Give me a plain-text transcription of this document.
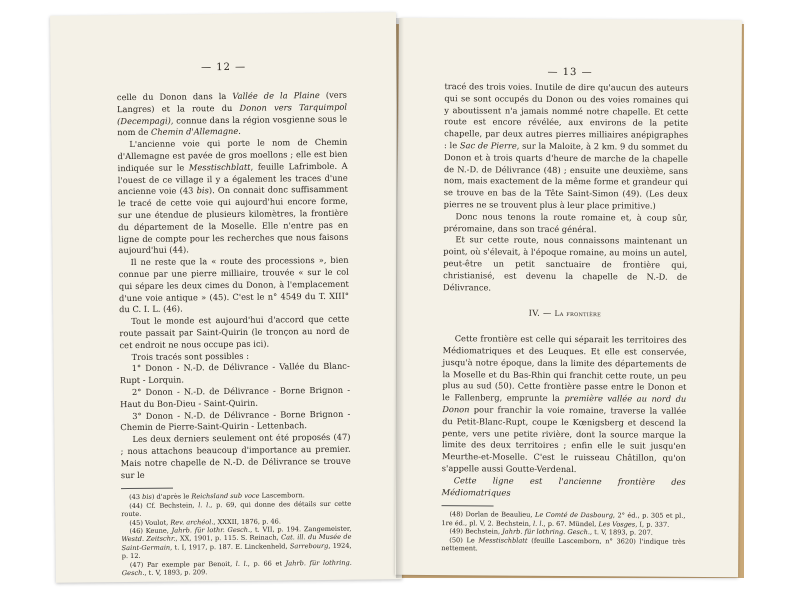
— 12 —

celle du Donon dans la Vallée de la Plaine (vers Langres) et la route du Donon vers Tarquimpol (Decempagi), connue dans la région vosgienne sous le nom de Chemin d'Allemagne.

L'ancienne voie qui porte le nom de Chemin d'Allemagne est pavée de gros moellons ; elle est bien indiquée sur le Messtischblatt, feuille Lafrimbole. A l'ouest de ce village il y a également les traces d'une ancienne voie (43 bis). On connait donc suffisamment le tracé de cette voie qui aujourd'hui encore forme, sur une étendue de plusieurs kilomètres, la frontière du département de la Moselle. Elle n'entre pas en ligne de compte pour les recherches que nous faisons aujourd'hui (44).

Il ne reste que la « route des processions », bien connue par une pierre milliaire, trouvée « sur le col qui sépare les deux cimes du Donon, à l'emplacement d'une voie antique » (45). C'est le n° 4549 du T. XIII° du C. I. L. (46).

Tout le monde est aujourd'hui d'accord que cette route passait par Saint-Quirin (le tronçon au nord de cet endroit ne nous occupe pas ici).

Trois tracés sont possibles :

1° Donon - N.-D. de Délivrance - Vallée du Blanc-Rupt - Lorquin.

2° Donon - N.-D. de Délivrance - Borne Brignon - Haut du Bon-Dieu - Saint-Quirin.

3° Donon - N.-D. de Délivrance - Borne Brignon - Chemin de Pierre-Saint-Quirin - Lettenbach.

Les deux derniers seulement ont été proposés (47) ; nous attachons beaucoup d'importance au premier. Mais notre chapelle de N.-D. de Délivrance se trouve sur le

(43 bis) d'après le Reichsland sub voce Lascemborn.

(44) Cf. Bechstein, l. l., p. 69, qui donne des détails sur cette route.

(45) Voulot, Rev. archéol., XXXII, 1876, p. 46.

(46) Keune, Jahrb. für lothr. Gesch., t. VII, p. 194. Zangemeister, Westd. Zeitschr., XX, 1901, p. 115. S. Reinach, Cat. ill. du Musée de Saint-Germain, t. I, 1917, p. 187. E. Linckenheld, Sarrebourg, 1924, p. 12.

(47) Par exemple par Benoit, l. l., p. 66 et Jahrb. für lothring. Gesch., t. V, 1893, p. 209.

— 13 —

tracé des trois voies. Inutile de dire qu'aucun des auteurs qui se sont occupés du Donon ou des voies romaines qui y aboutissent n'a jamais nommé notre chapelle. Et cette route est encore révélée, aux environs de la petite chapelle, par deux autres pierres milliaires anépigraphes : le Sac de Pierre, sur la Maloite, à 2 km. 9 du sommet du Donon et à trois quarts d'heure de marche de la chapelle de N.-D. de Délivrance (48) ; ensuite une deuxième, sans nom, mais exactement de la même forme et grandeur qui se trouve en bas de la Tête Saint-Simon (49). (Les deux pierres ne se trouvent plus à leur place primitive.)

Donc nous tenons la route romaine et, à coup sûr, préromaine, dans son tracé général.

Et sur cette route, nous connaissons maintenant un point, où s'élevait, à l'époque romaine, au moins un autel, peut-être un petit sanctuaire de frontière qui, christianisé, est devenu la chapelle de N.-D. de Délivrance.

IV. — La frontière

Cette frontière est celle qui séparait les territoires des Médiomatriques et des Leuques. Et elle est conservée, jusqu'à notre époque, dans la limite des départements de la Moselle et du Bas-Rhin qui franchit cette route, un peu plus au sud (50). Cette frontière passe entre le Donon et le Fallenberg, emprunte la première vallée au nord du Donon pour franchir la voie romaine, traverse la vallée du Petit-Blanc-Rupt, coupe le Kœnigsberg et descend la pente, vers une petite rivière, dont la source marque la limite des deux territoires ; enfin elle le suit jusqu'en Meurthe-et-Moselle. C'est le ruisseau Châtillon, qu'on s'appelle aussi Goutte-Verdenal.

Cette ligne est l'ancienne frontière des Médiomatriques

(48) Dorlan de Beaulieu, Le Comté de Dasbourg, 2° éd., p. 305 et pl., 1re éd., pl. V, 2. Bechstein, l. l., p. 67. Mündel, Les Vosges, I, p. 337.

(49) Bechstein, Jahrb. für lothring. Gesch., t. V, 1893, p. 207.

(50) Le Messtischblatt (feuille Lascemborn, n° 3620) l'indique très nettement.
